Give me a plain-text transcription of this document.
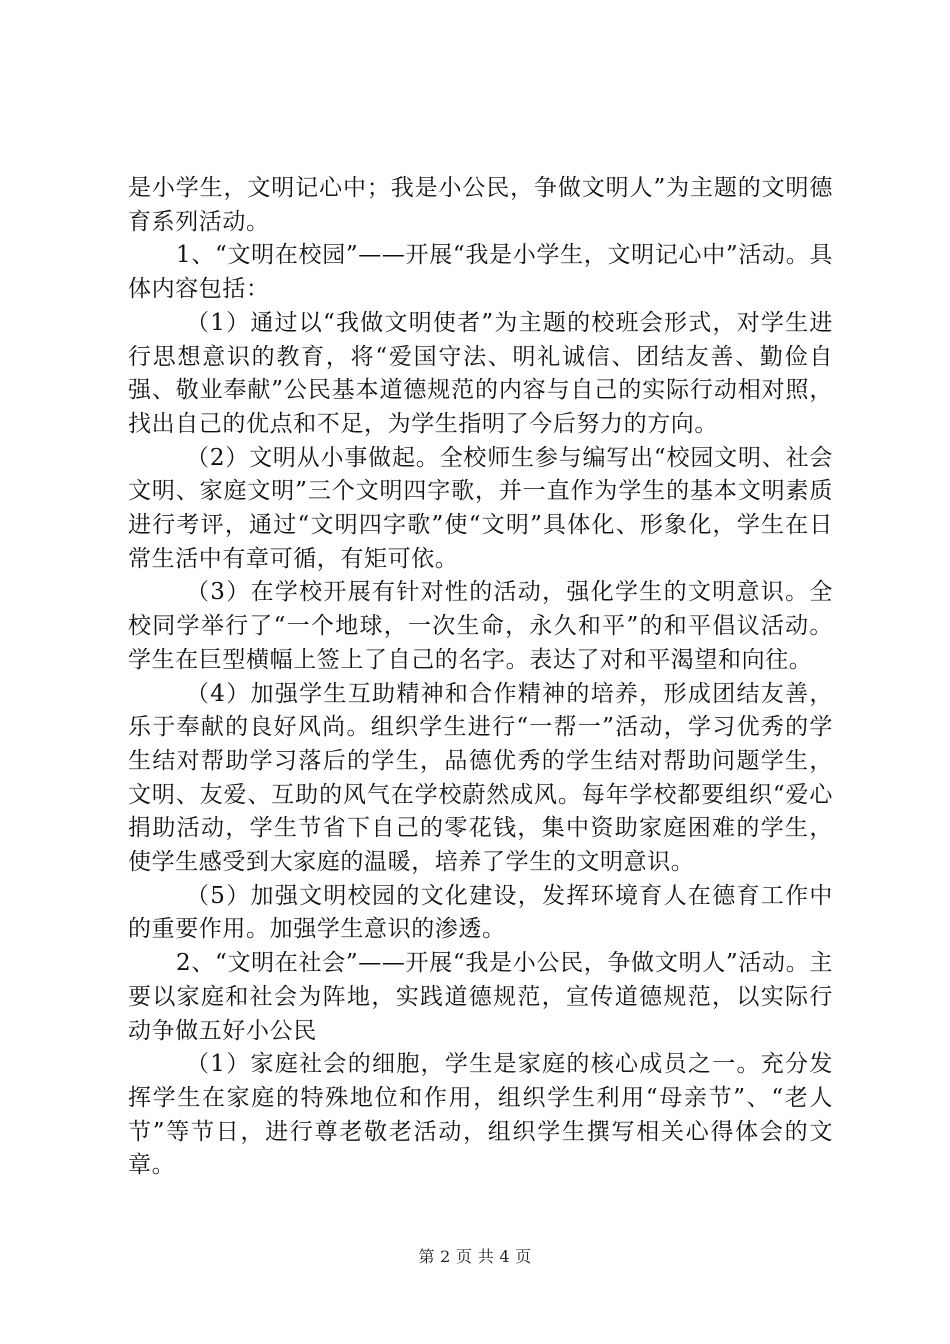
是小学生，文明记心中；我是小公民，争做文明人”为主题的文明德育系列活动。

1、“文明在校园”——开展“我是小学生，文明记心中”活动。具体内容包括：

（1）通过以“我做文明使者”为主题的校班会形式，对学生进行思想意识的教育，将“爱国守法、明礼诚信、团结友善、勤俭自强、敬业奉献”公民基本道德规范的内容与自己的实际行动相对照，找出自己的优点和不足，为学生指明了今后努力的方向。

（2）文明从小事做起。全校师生参与编写出“校园文明、社会文明、家庭文明”三个文明四字歌，并一直作为学生的基本文明素质进行考评，通过“文明四字歌”使“文明”具体化、形象化，学生在日常生活中有章可循，有矩可依。

（3）在学校开展有针对性的活动，强化学生的文明意识。全校同学举行了“一个地球，一次生命，永久和平”的和平倡议活动。学生在巨型横幅上签上了自己的名字。表达了对和平渴望和向往。

（4）加强学生互助精神和合作精神的培养，形成团结友善，乐于奉献的良好风尚。组织学生进行“一帮一”活动，学习优秀的学生结对帮助学习落后的学生，品德优秀的学生结对帮助问题学生，文明、友爱、互助的风气在学校蔚然成风。每年学校都要组织“爱心捐助活动，学生节省下自己的零花钱，集中资助家庭困难的学生，使学生感受到大家庭的温暖，培养了学生的文明意识。

（5）加强文明校园的文化建设，发挥环境育人在德育工作中的重要作用。加强学生意识的渗透。

2、“文明在社会”——开展“我是小公民，争做文明人”活动。主要以家庭和社会为阵地，实践道德规范，宣传道德规范，以实际行动争做五好小公民

（1）家庭社会的细胞，学生是家庭的核心成员之一。充分发挥学生在家庭的特殊地位和作用，组织学生利用“母亲节”、“老人节”等节日，进行尊老敬老活动，组织学生撰写相关心得体会的文章。

第 2 页 共 4 页
